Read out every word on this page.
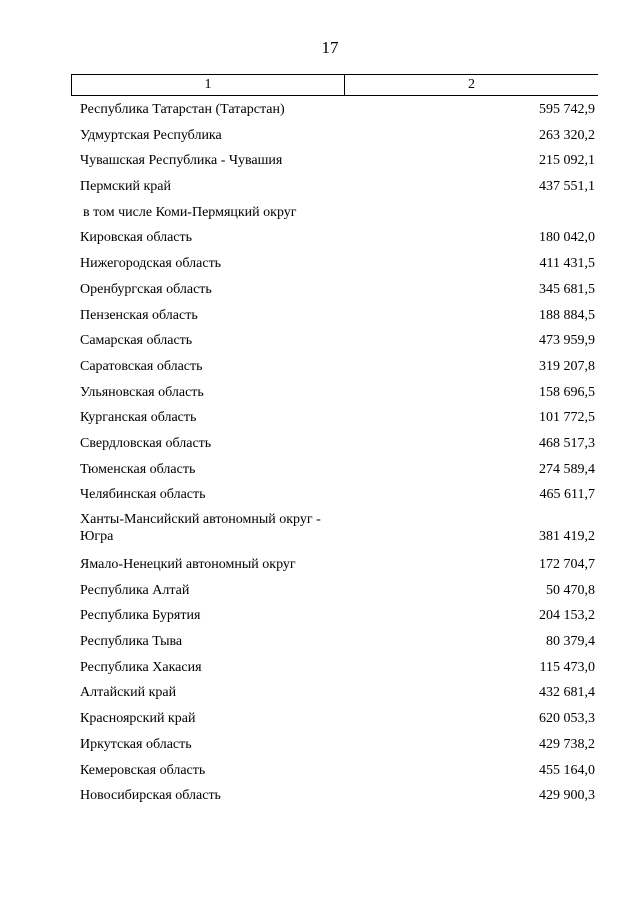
17
1	2
Республика Татарстан (Татарстан)	595 742,9
Удмуртская Республика	263 320,2
Чувашская Республика - Чувашия	215 092,1
Пермский край	437 551,1
в том числе Коми-Пермяцкий округ
Кировская область	180 042,0
Нижегородская область	411 431,5
Оренбургская область	345 681,5
Пензенская область	188 884,5
Самарская область	473 959,9
Саратовская область	319 207,8
Ульяновская область	158 696,5
Курганская область	101 772,5
Свердловская область	468 517,3
Тюменская область	274 589,4
Челябинская область	465 611,7
Ханты-Мансийский автономный округ - Югра	381 419,2
Ямало-Ненецкий автономный округ	172 704,7
Республика Алтай	50 470,8
Республика Бурятия	204 153,2
Республика Тыва	80 379,4
Республика Хакасия	115 473,0
Алтайский край	432 681,4
Красноярский край	620 053,3
Иркутская область	429 738,2
Кемеровская область	455 164,0
Новосибирская область	429 900,3
